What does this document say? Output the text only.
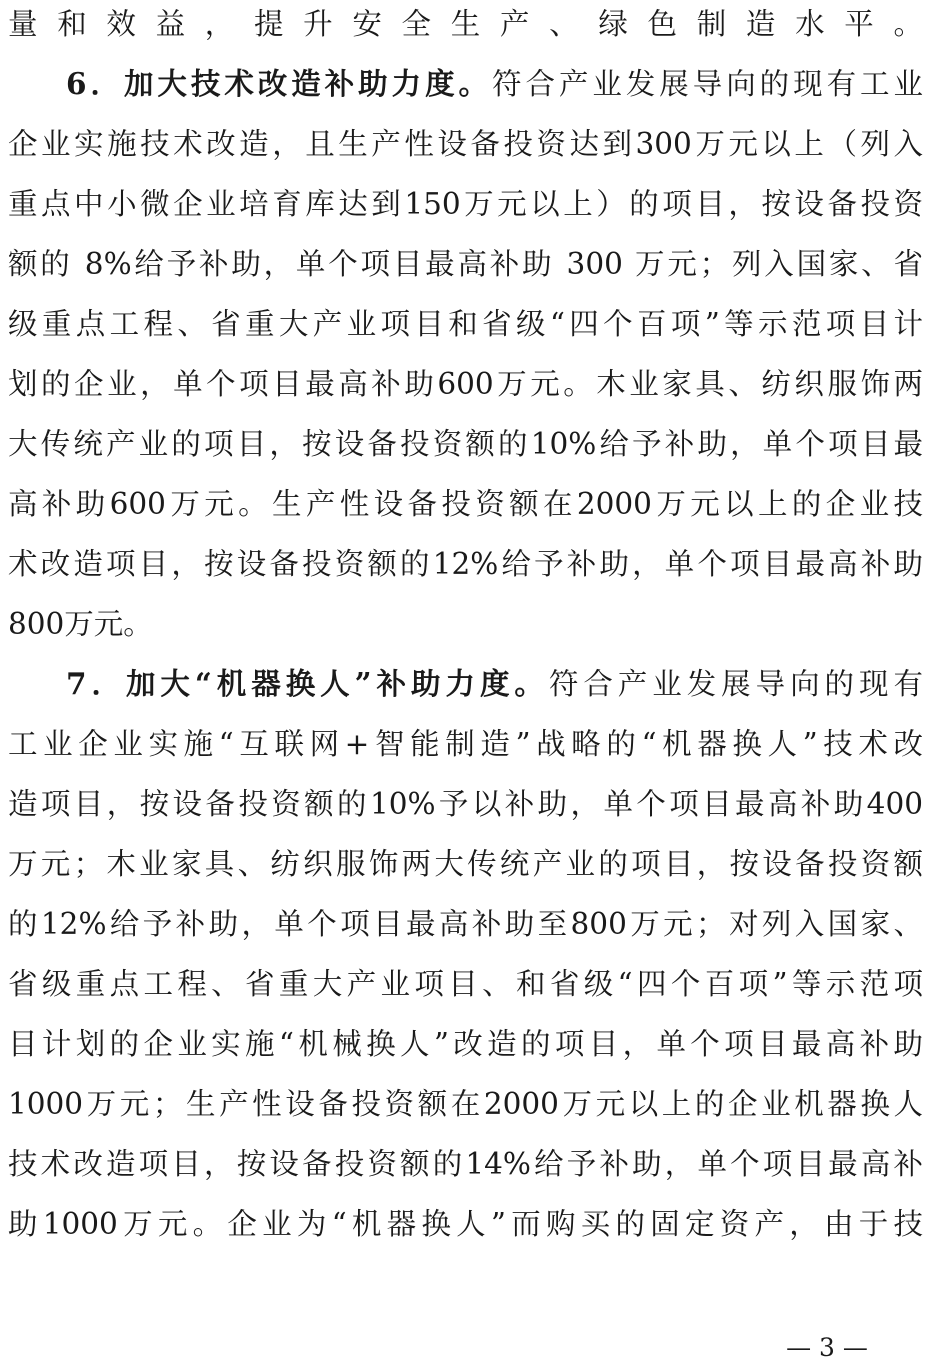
量和效益，提升安全生产、绿色制造水平。
6．加大技术改造补助力度。符合产业发展导向的现有工业
企业实施技术改造，且生产性设备投资达到300万元以上（列入
重点中小微企业培育库达到150万元以上）的项目，按设备投资
额的 8%给予补助，单个项目最高补助 300 万元；列入国家、省
级重点工程、省重大产业项目和省级“四个百项”等示范项目计
划的企业，单个项目最高补助600万元。木业家具、纺织服饰两
大传统产业的项目，按设备投资额的10%给予补助，单个项目最
高补助600万元。生产性设备投资额在2000万元以上的企业技
术改造项目，按设备投资额的12%给予补助，单个项目最高补助
800万元。
7．加大“机器换人”补助力度。符合产业发展导向的现有
工业企业实施“互联网+智能制造”战略的“机器换人”技术改
造项目，按设备投资额的10%予以补助，单个项目最高补助400
万元；木业家具、纺织服饰两大传统产业的项目，按设备投资额
的12%给予补助，单个项目最高补助至800万元；对列入国家、
省级重点工程、省重大产业项目、和省级“四个百项”等示范项
目计划的企业实施“机械换人”改造的项目，单个项目最高补助
1000万元；生产性设备投资额在2000万元以上的企业机器换人
技术改造项目，按设备投资额的14%给予补助，单个项目最高补
助1000万元。企业为“机器换人”而购买的固定资产，由于技
— 3 —
